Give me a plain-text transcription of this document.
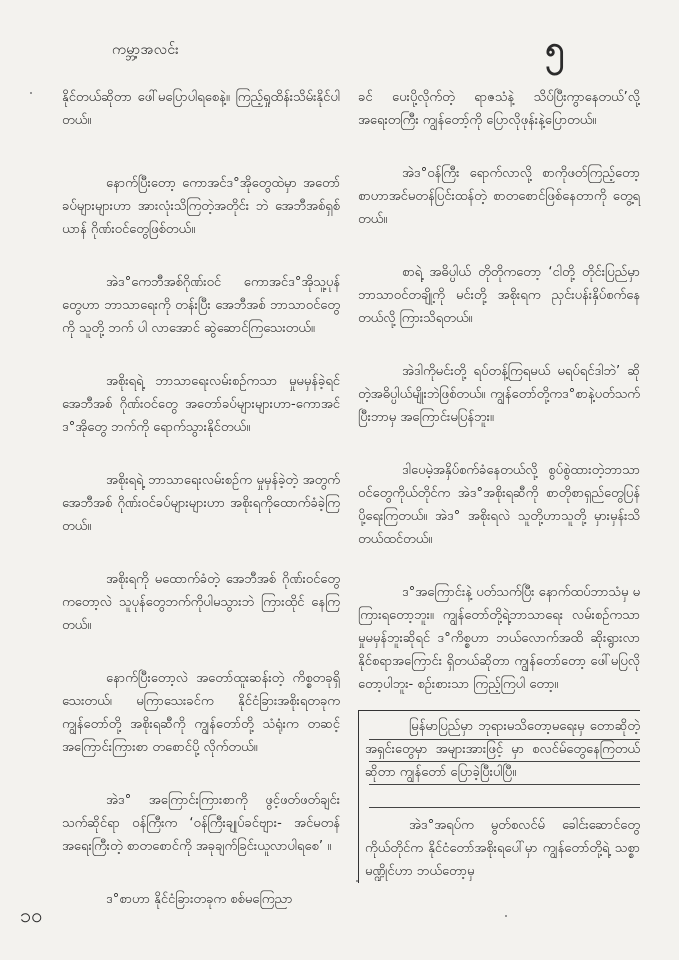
ကမ္ဘာ့အလင်း	၅

နိုင်တယ်ဆိုတာ ဖေါ်မပြောပါရစေနဲ့။ ကြည့်ရှုထိန်းသိမ်းနိုင်ပါတယ်။

နောက်ပြီးတော့ ကောအင်ဒ°အိုတွေထဲမှာ အတော်ခပ်များများဟာ အားလုံးသိကြတဲ့အတိုင်း ဘဲ အေဘီအစ်ရှစ်ယာန် ဂိုဏ်းဝင်တွေဖြစ်တယ်။

အဲဒ°ကေဘီအစ်ဂိုဏ်းဝင် ကောအင်ဒ°အိုသူ့ပုန်တွေဟာ ဘာသာရေးကို တန်းပြီး အေဘီအစ် ဘာသာဝင်တွေကို သူတို့ ဘက် ပါ လာအောင် ဆွဲဆောင်ကြသေးတယ်။

အစိုးရရဲ့ ဘာသာရေးလမ်းစဉ်ကသာ မှုမမှန်ခဲ့ရင် အေဘီအစ် ဂိုဏ်းဝင်တွေ အတော်ခပ်များများဟာ-ကောအင်ဒ°အိုတွေ ဘက်ကို ရောက်သွားနိုင်တယ်။

အစိုးရရဲ့ ဘာသာရေးလမ်းစဉ်က မှုမှန်ခဲ့တဲ့ အတွက်အေဘီအစ် ဂိုဏ်းဝင်ခပ်များများဟာ အစိုးရကိုထောက်ခံခဲ့ကြတယ်။

အစိုးရကို မထောက်ခံတဲ့ အေဘီအစ် ဂိုဏ်းဝင်တွေကတော့လဲ သူပုန်တွေဘက်ကိုပါမသွားဘဲ ကြားထိုင် နေကြတယ်။

နောက်ပြီးတော့လဲ အတော်ထူးဆန်းတဲ့ ကိစ္စတခုရှိသေးတယ်၊ မကြာသေးခင်က နိုင်ငံခြားအစိုးရတခုက ကျွန်တော်တို့ အစိုးရဆီကို ကျွန်တော်တို့ သံရုံးက တဆင့် အကြောင်းကြားစာ တစောင်ပို့ လိုက်တယ်။

အဲဒ° အကြောင်းကြားစာကို ဖွင့်ဖတ်ဖတ်ချင်းသက်ဆိုင်ရာ ဝန်ကြီးက ‘ဝန်ကြီးချုပ်ခင်ဗျား- အင်မတန်အရေးကြီးတဲ့ စာတစောင်ကို အခုချက်ခြင်းယူလာပါရစေ’ ။

ဒ°စာဟာ နိုင်ငံခြားတခုက စစ်မကြေညာ

ခင် ပေးပို့လိုက်တဲ့ ရာဇသံနဲ့ သိပ်ပြီးကွာနေတယ်’လို့ အရေးတကြီး ကျွန်တော့်ကို ပြောလိုဖုန်းနဲ့ပြောတယ်။

အဲဒ°ဝန်ကြီး ရောက်လာလို့ စာကိုဖတ်ကြည့်တော့ စာဟာအင်မတန်ပြင်းထန်တဲ့ စာတစောင်ဖြစ်နေတာကို တွေ့ရတယ်။

စာရဲ့ အဓိပ္ပါယ် တိုတိုကတော့ ‘ငါတို့ တိုင်းပြည်မှာ ဘာသာဝင်တချို့ကို မင်းတို့ အစိုးရက ညှင်းပန်းနှိပ်စက်နေတယ်လို့ ကြားသိရတယ်။

အဲဒါကိုမင်းတို့ ရပ်တန့်ကြရမယ် မရပ်ရင်ဒါဘဲ’ ဆိုတဲ့အဓိပ္ပါယ်မျိုးဘဲဖြစ်တယ်။ ကျွန်တော်တို့ကဒ°စာနဲ့ပတ်သက်ပြီးဘာမှ အကြောင်းမပြန်ဘူး။

ဒါပေမဲ့အနှိပ်စက်ခံနေတယ်လို့ စွပ်စွဲထားတဲ့ဘာသာဝင်တွေကိုယ်တိုင်က အဲဒ°အစိုးရဆီကို စာတိုစာရှည်တွေပြန်ပို့ရေးကြတယ်။ အဲဒ° အစိုးရလဲ သူတို့ဟာသူတို့ မှားမှန်းသိတယ်ထင်တယ်။

ဒ°အကြောင်းနဲ့ ပတ်သက်ပြီး နောက်ထပ်ဘာသံမှ မကြားရတော့ဘူး။ ကျွန်တော်တို့ရဲ့ဘာသာရေး လမ်းစဉ်ကသာ မှုမမှန်ဘူးဆိုရင် ဒ°ကိစ္စဟာ ဘယ်လောက်အထိ ဆိုးရွားလာနိုင်စရာအကြောင်း ရှိတယ်ဆိုတာ ကျွန်တော်တော့ ဖေါ်မပြလိုတော့ပါဘူး- စဉ်းစားသာ ကြည့်ကြပါ တော့။

မြန်မာပြည်မှာ ဘုရားမသိတော့မရေးမှ တောဆိုတဲ့ အရှင်းတွေမှာ အများအားဖြင့် မှာ စလင်မ်တွေနေကြတယ်ဆိုတာ ကျွန်တော် ပြောခဲ့ပြီးပါပြီ။

အဲဒ°အရပ်က မွတ်စလင်မ် ခေါင်းဆောင်တွေကိုယ်တိုင်က နိုင်ငံတော်အစိုးရပေါ်မှာ ကျွန်တော်တို့ရဲ့ သစ္စာမဏ္ဍိုင်ဟာ ဘယ်တော့မှ

၁၀
